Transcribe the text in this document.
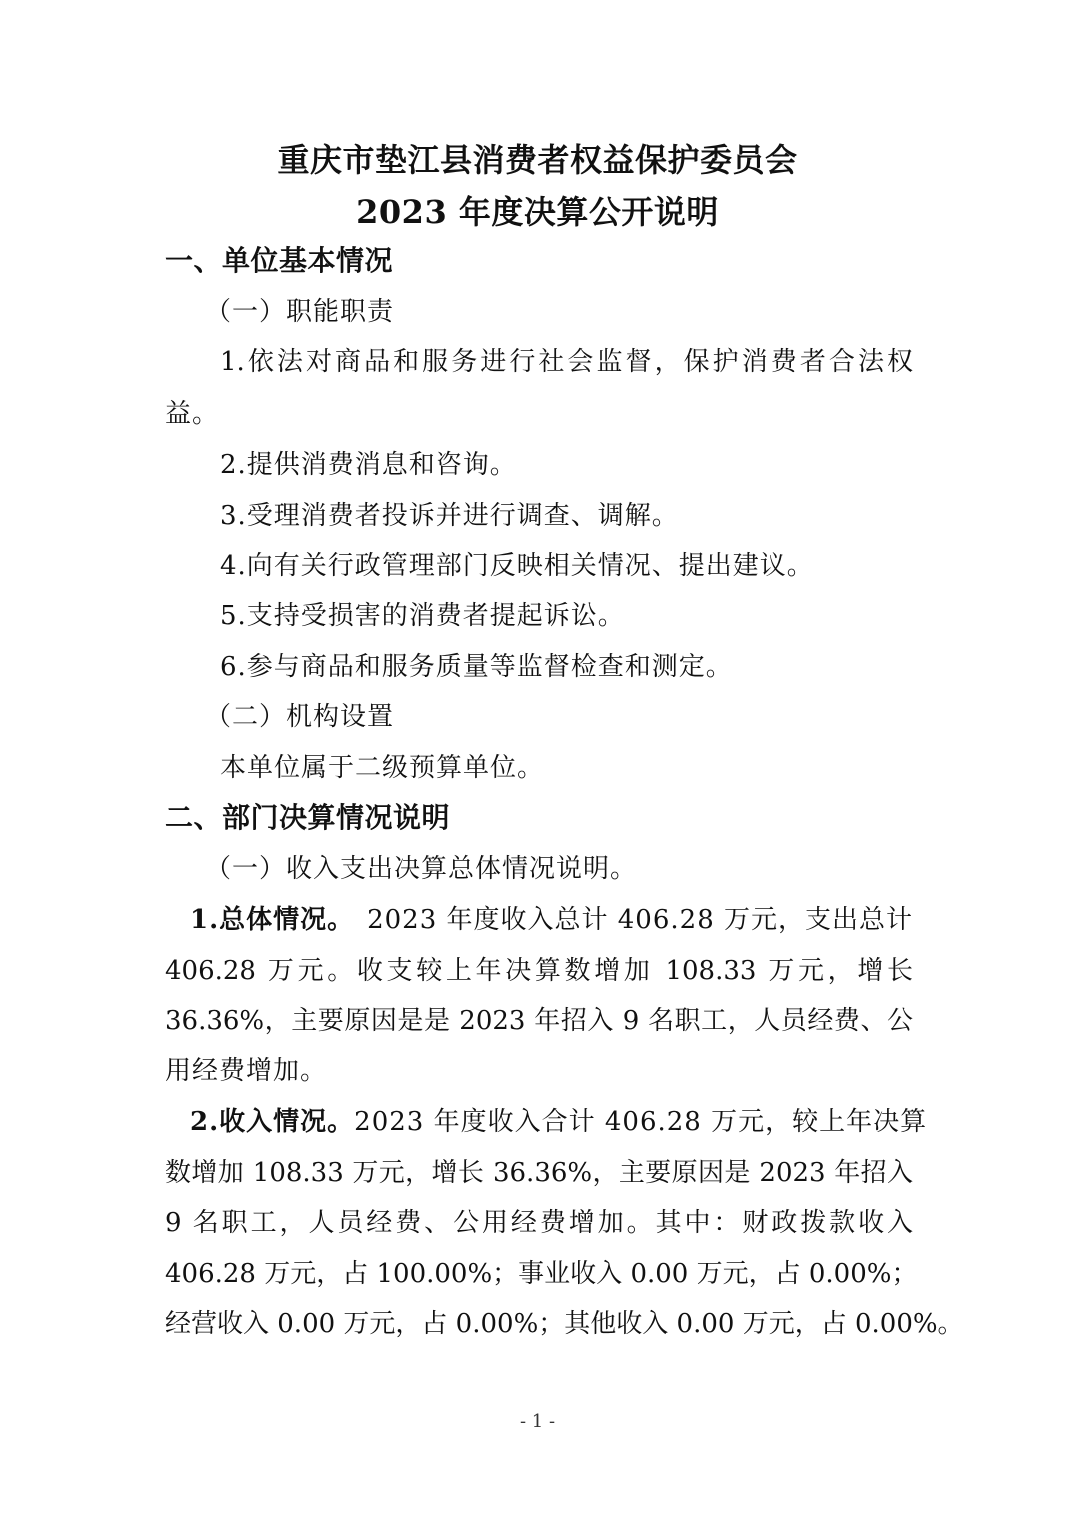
重庆市垫江县消费者权益保护委员会
2023 年度决算公开说明
一、单位基本情况
（一）职能职责
1.依法对商品和服务进行社会监督，保护消费者合法权
益。
2.提供消费消息和咨询。
3.受理消费者投诉并进行调查、调解。
4.向有关行政管理部门反映相关情况、提出建议。
5.支持受损害的消费者提起诉讼。
6.参与商品和服务质量等监督检查和测定。
（二）机构设置
本单位属于二级预算单位。
二、部门决算情况说明
（一）收入支出决算总体情况说明。
1.总体情况。 2023 年度收入总计 406.28 万元，支出总计
406.28 万元。收支较上年决算数增加 108.33 万元，增长
36.36%，主要原因是是 2023 年招入 9 名职工，人员经费、公
用经费增加。
2.收入情况。 2023 年度收入合计 406.28 万元，较上年决算
数增加 108.33 万元，增长 36.36%，主要原因是 2023 年招入
9 名职工，人员经费、公用经费增加。其中：财政拨款收入
406.28 万元，占 100.00%；事业收入 0.00 万元，占 0.00%；
经营收入 0.00 万元，占 0.00%；其他收入 0.00 万元，占 0.00%。
- 1 -
